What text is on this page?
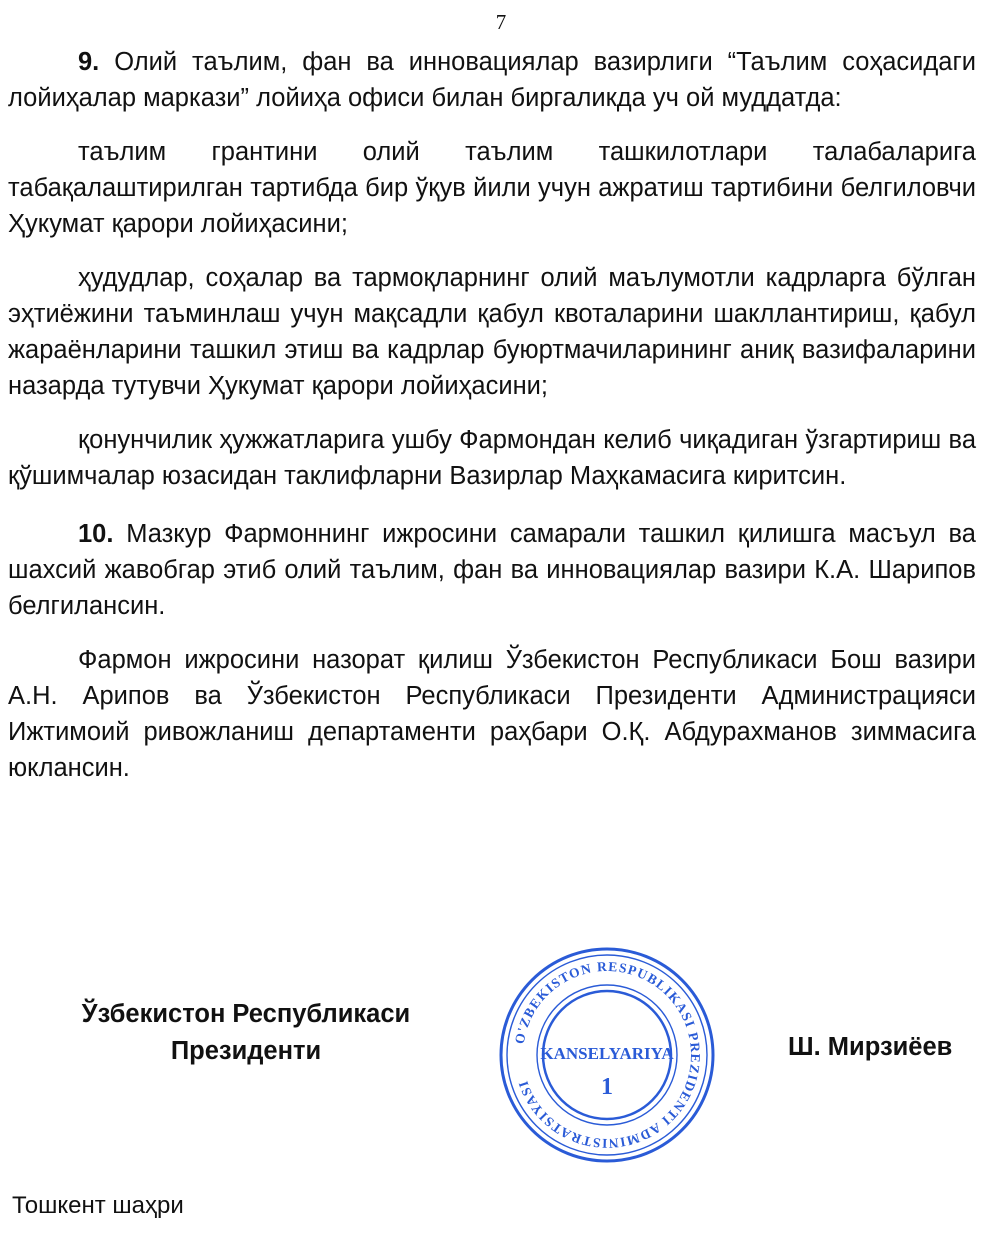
7

9. Олий таълим, фан ва инновациялар вазирлиги “Таълим соҳасидаги лойиҳалар маркази” лойиҳа офиси билан биргаликда уч ой муддатда:

таълим грантини олий таълим ташкилотлари талабаларига табақалаштирилган тартибда бир ўқув йили учун ажратиш тартибини белгиловчи Ҳукумат қарори лойиҳасини;

ҳудудлар, соҳалар ва тармоқларнинг олий маълумотли кадрларга бўлган эҳтиёжини таъминлаш учун мақсадли қабул квоталарини шакллантириш, қабул жараёнларини ташкил этиш ва кадрлар буюртмачиларининг аниқ вазифаларини назарда тутувчи Ҳукумат қарори лойиҳасини;

қонунчилик ҳужжатларига ушбу Фармондан келиб чиқадиган ўзгартириш ва қўшимчалар юзасидан таклифларни Вазирлар Маҳкамасига киритсин.

10. Мазкур Фармоннинг ижросини самарали ташкил қилишга масъул ва шахсий жавобгар этиб олий таълим, фан ва инновациялар вазири К.А. Шарипов белгилансин.

Фармон ижросини назорат қилиш Ўзбекистон Республикаси Бош вазири А.Н. Арипов ва Ўзбекистон Республикаси Президенти Администрацияси Ижтимоий ривожланиш департаменти раҳбари О.Қ. Абдурахманов зиммасига юклансин.

Ўзбекистон Республикаси
Президенти	O'ZBEKISTON RESPUBLIKASI PREZIDENTI ADMINISTRATSIYASI
KANSELYARIYA
1
Ш. Мирзиёев
Тошкент шаҳри
